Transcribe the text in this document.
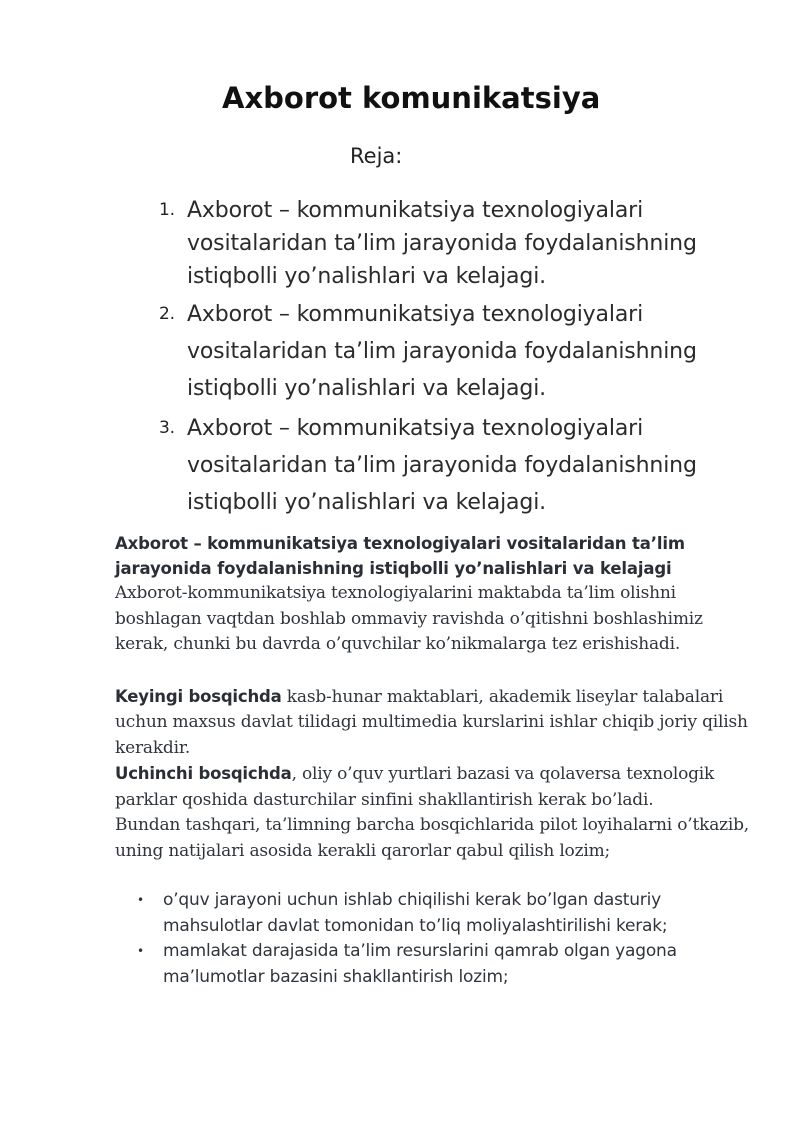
Axborot komunikatsiya
Reja:
1. Axborot – kommunikatsiya texnologiyalari vositalaridan ta’lim jarayonida foydalanishning istiqbolli yo’nalishlari va kelajagi.
2. Axborot – kommunikatsiya texnologiyalari vositalaridan ta’lim jarayonida foydalanishning istiqbolli yo’nalishlari va kelajagi.
3. Axborot – kommunikatsiya texnologiyalari vositalaridan ta’lim jarayonida foydalanishning istiqbolli yo’nalishlari va kelajagi.
Axborot – kommunikatsiya texnologiyalari vositalaridan ta’lim jarayonida foydalanishning istiqbolli yo’nalishlari va kelajagi
Axborot-kommunikatsiya texnologiyalarini maktabda ta’lim olishni boshlagan vaqtdan boshlab ommaviy ravishda o’qitishni boshlashimiz kerak, chunki bu davrda o’quvchilar ko’nikmalarga tez erishishadi.
Keyingi bosqichda kasb-hunar maktablari, akademik liseylar talabalari uchun maxsus davlat tilidagi multimedia kurslarini ishlar chiqib joriy qilish kerakdir.
Uchinchi bosqichda, oliy o’quv yurtlari bazasi va qolaversa texnologik parklar qoshida dasturchilar sinfini shakllantirish kerak bo’ladi.
Bundan tashqari, ta’limning barcha bosqichlarida pilot loyihalarni o’tkazib, uning natijalari asosida kerakli qarorlar qabul qilish lozim;
• o’quv jarayoni uchun ishlab chiqilishi kerak bo’lgan dasturiy mahsulotlar davlat tomonidan to’liq moliyalashtirilishi kerak;
• mamlakat darajasida ta’lim resurslarini qamrab olgan yagona ma’lumotlar bazasini shakllantirish lozim;
